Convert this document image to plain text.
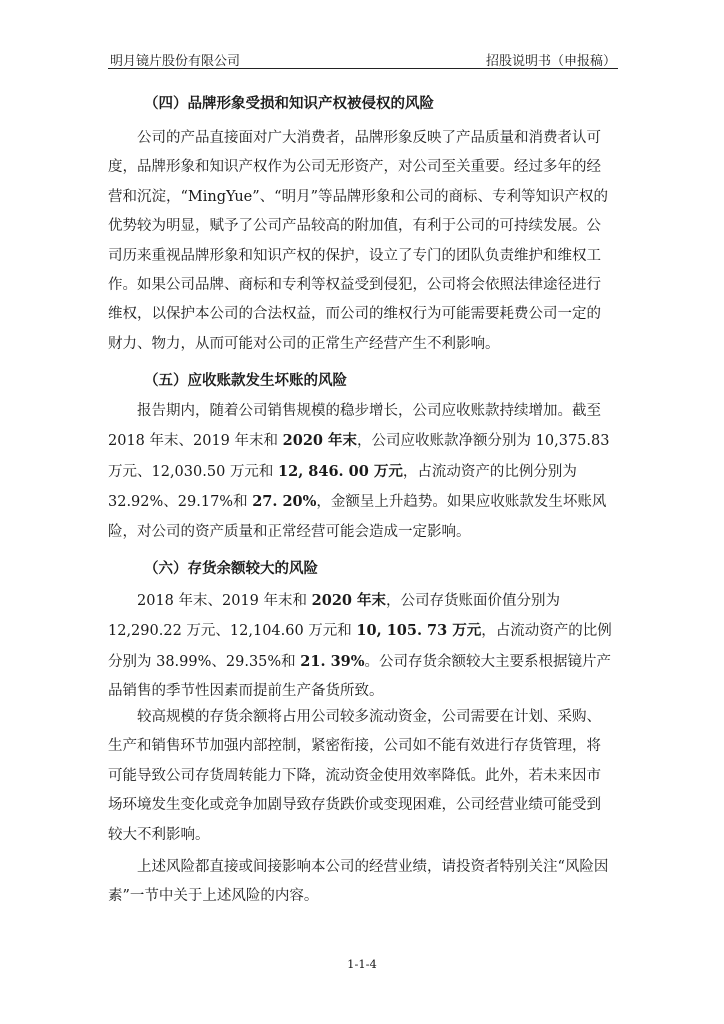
明月镜片股份有限公司	招股说明书（申报稿）
（四）品牌形象受损和知识产权被侵权的风险

公司的产品直接面对广大消费者，品牌形象反映了产品质量和消费者认可度，品牌形象和知识产权作为公司无形资产，对公司至关重要。经过多年的经营和沉淀，“MingYue”、“明月”等品牌形象和公司的商标、专利等知识产权的优势较为明显，赋予了公司产品较高的附加值，有利于公司的可持续发展。公司历来重视品牌形象和知识产权的保护，设立了专门的团队负责维护和维权工作。如果公司品牌、商标和专利等权益受到侵犯，公司将会依照法律途径进行维权，以保护本公司的合法权益，而公司的维权行为可能需要耗费公司一定的财力、物力，从而可能对公司的正常生产经营产生不利影响。

（五）应收账款发生坏账的风险

报告期内，随着公司销售规模的稳步增长，公司应收账款持续增加。截至2018 年末、2019 年末和 2020 年末，公司应收账款净额分别为 10,375.83 万元、12,030.50 万元和 12, 846. 00 万元，占流动资产的比例分别为 32.92%、29.17%和 27. 20%，金额呈上升趋势。如果应收账款发生坏账风险，对公司的资产质量和正常经营可能会造成一定影响。

（六）存货余额较大的风险

2018 年末、2019 年末和 2020 年末，公司存货账面价值分别为 12,290.22 万元、12,104.60 万元和 10, 105. 73 万元，占流动资产的比例分别为 38.99%、29.35%和 21. 39%。公司存货余额较大主要系根据镜片产品销售的季节性因素而提前生产备货所致。

较高规模的存货余额将占用公司较多流动资金，公司需要在计划、采购、生产和销售环节加强内部控制，紧密衔接，公司如不能有效进行存货管理，将可能导致公司存货周转能力下降，流动资金使用效率降低。此外，若未来因市场环境发生变化或竞争加剧导致存货跌价或变现困难，公司经营业绩可能受到较大不利影响。

上述风险都直接或间接影响本公司的经营业绩，请投资者特别关注“风险因素”一节中关于上述风险的内容。

1-1-4
